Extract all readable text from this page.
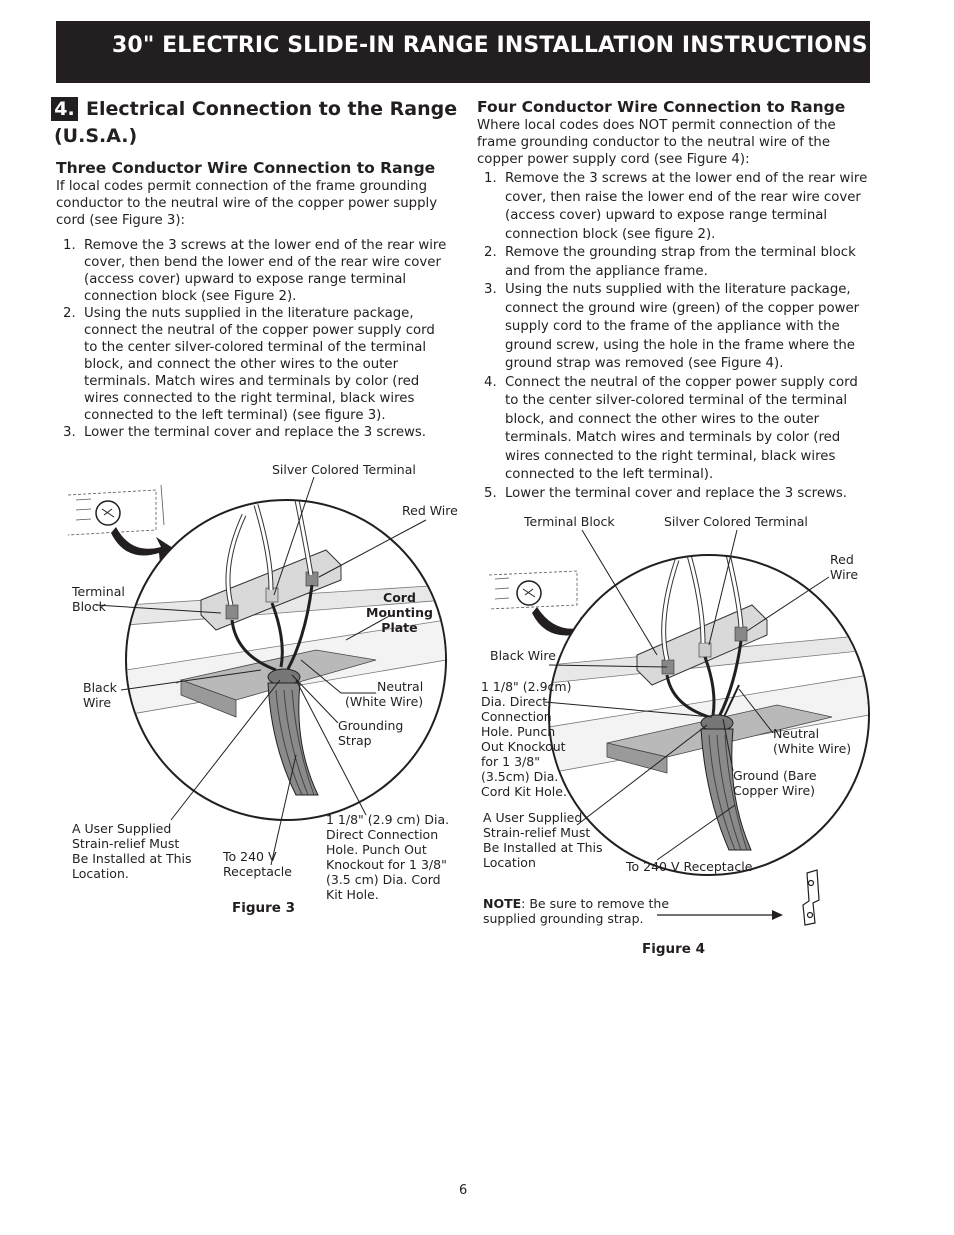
30" ELECTRIC SLIDE-IN RANGE INSTALLATION INSTRUCTIONS
4. Electrical Connection to the Range
(U.S.A.)
Three Conductor Wire Connection to Range
If local codes permit connection of the frame grounding conductor to the neutral wire of the copper power supply cord (see Figure 3):
1. Remove the 3 screws at the lower end of the rear wire cover, then bend the lower end of the rear wire cover (access cover) upward to expose range terminal connection block (see Figure 2).
2. Using the nuts supplied in the literature package, connect the neutral of the copper power supply cord to the center silver-colored terminal of the terminal block, and connect the other wires to the outer terminals. Match wires and terminals by color (red wires connected to the right terminal, black wires connected to the left terminal) (see figure 3).
3. Lower the terminal cover and replace the 3 screws.
Four Conductor Wire Connection to Range
Where local codes does NOT permit connection of the frame grounding conductor to the neutral wire of the copper power supply cord (see Figure 4):
1. Remove the 3 screws at the lower end of the rear wire cover, then raise the lower end of the rear wire cover (access cover) upward to expose range terminal connection block (see figure 2).
2. Remove the grounding strap from the terminal block and from the appliance frame.
3. Using the nuts supplied with the literature package, connect the ground wire (green) of the copper power supply cord to the frame of the appliance with the ground screw, using the hole in the frame where the ground strap was removed (see Figure 4).
4. Connect the neutral of the copper power supply cord to the center silver-colored terminal of the terminal block, and connect the other wires to the outer terminals. Match wires and terminals by color (red wires connected to the right terminal, black wires connected to the left terminal).
5. Lower the terminal cover and replace the 3 screws.
Silver Colored Terminal
Red Wire
Terminal
Block
Cord
Mounting
Plate
Black
Wire
Neutral
(White Wire)
Grounding
Strap
A User Supplied
Strain-relief Must
Be Installed at This
Location.
To 240 V
Receptacle
1 1/8" (2.9 cm) Dia.
Direct Connection
Hole. Punch Out
Knockout for 1 3/8"
(3.5 cm) Dia. Cord
Kit Hole.
Figure 3
Terminal Block	Silver Colored Terminal
Red
Wire
Black Wire
1 1/8" (2.9cm)
Dia. Direct
Connection
Hole. Punch
Out Knockout
for 1 3/8"
(3.5cm) Dia.
Cord Kit Hole.
Neutral
(White Wire)
Ground (Bare
Copper Wire)
A User Supplied
Strain-relief Must
Be Installed at This
Location	To 240 V Receptacle
NOTE: Be sure to remove the
supplied grounding strap.
Figure 4
6
